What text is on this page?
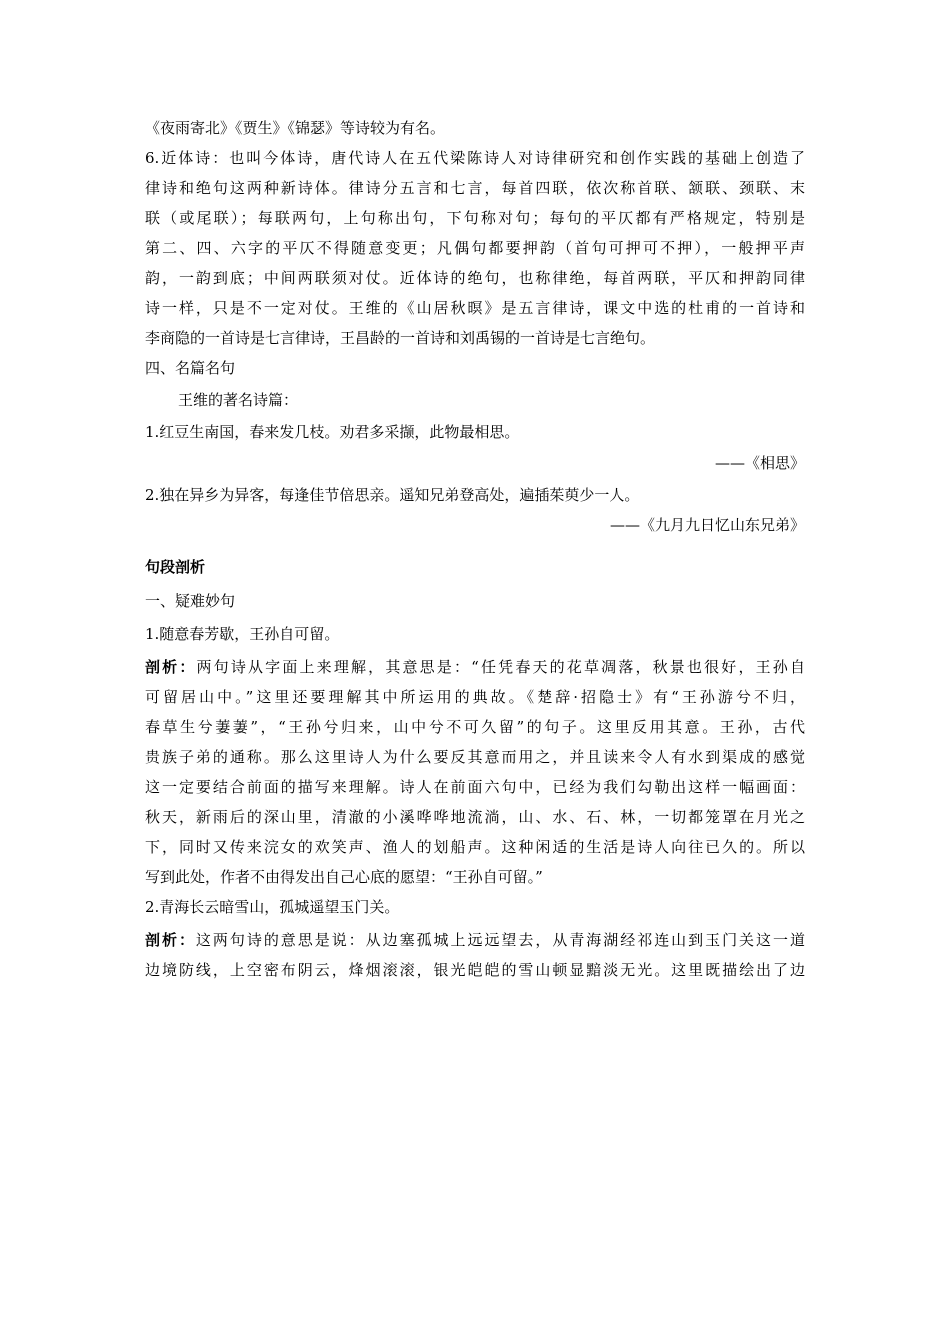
《夜雨寄北》《贾生》《锦瑟》等诗较为有名。
6.近体诗：也叫今体诗，唐代诗人在五代梁陈诗人对诗律研究和创作实践的基础上创造了
律诗和绝句这两种新诗体。律诗分五言和七言，每首四联，依次称首联、颔联、颈联、末
联（或尾联）；每联两句，上句称出句，下句称对句；每句的平仄都有严格规定，特别是
第二、四、六字的平仄不得随意变更；凡偶句都要押韵（首句可押可不押），一般押平声
韵，一韵到底；中间两联须对仗。近体诗的绝句，也称律绝，每首两联，平仄和押韵同律
诗一样，只是不一定对仗。王维的《山居秋暝》是五言律诗，课文中选的杜甫的一首诗和
李商隐的一首诗是七言律诗，王昌龄的一首诗和刘禹锡的一首诗是七言绝句。
四、名篇名句
王维的著名诗篇：
1.红豆生南国，春来发几枝。劝君多采撷，此物最相思。
——《相思》
2.独在异乡为异客，每逢佳节倍思亲。遥知兄弟登高处，遍插茱萸少一人。
——《九月九日忆山东兄弟》
句段剖析
一、疑难妙句
1.随意春芳歇，王孙自可留。
剖析：两句诗从字面上来理解，其意思是：“任凭春天的花草凋落，秋景也很好，王孙自
可留居山中。”这里还要理解其中所运用的典故。《楚辞·招隐士》有“王孙游兮不归，
春草生兮萋萋”，“王孙兮归来，山中兮不可久留”的句子。这里反用其意。王孙，古代
贵族子弟的通称。那么这里诗人为什么要反其意而用之，并且读来令人有水到渠成的感觉
这一定要结合前面的描写来理解。诗人在前面六句中，已经为我们勾勒出这样一幅画面：
秋天，新雨后的深山里，清澈的小溪哗哗地流淌，山、水、石、林，一切都笼罩在月光之
下，同时又传来浣女的欢笑声、渔人的划船声。这种闲适的生活是诗人向往已久的。所以
写到此处，作者不由得发出自己心底的愿望：“王孙自可留。”
2.青海长云暗雪山，孤城遥望玉门关。
剖析：这两句诗的意思是说：从边塞孤城上远远望去，从青海湖经祁连山到玉门关这一道
边境防线，上空密布阴云，烽烟滚滚，银光皑皑的雪山顿显黯淡无光。这里既描绘出了边
